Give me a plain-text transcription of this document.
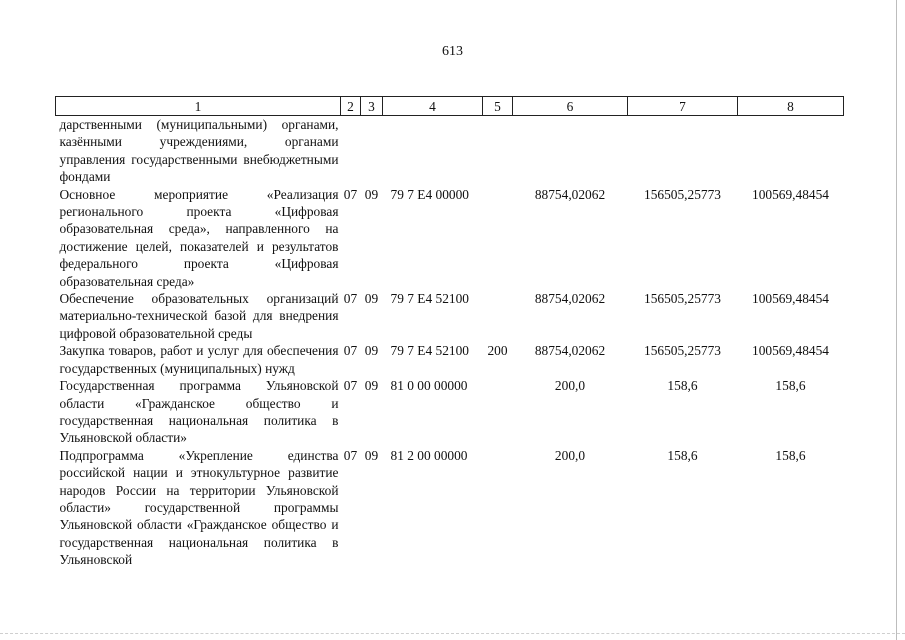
613
1	2	3	4	5	6	7	8
дарственными (муниципальными) органами, казёнными учреждениями, органами управления государственными внебюджетными фондами							
Основное мероприятие «Реализация регионального проекта «Цифровая образовательная среда», направленного на достижение целей, показателей и результатов федерального проекта «Цифровая образовательная среда»	07	09	79 7 Е4 00000		88754,02062	156505,25773	100569,48454
Обеспечение образовательных организаций материально-технической базой для внедрения цифровой образовательной среды	07	09	79 7 Е4 52100		88754,02062	156505,25773	100569,48454
Закупка товаров, работ и услуг для обеспечения государственных (муниципальных) нужд	07	09	79 7 Е4 52100	200	88754,02062	156505,25773	100569,48454
Государственная программа Ульяновской области «Гражданское общество и государственная национальная политика в Ульяновской области»	07	09	81 0 00 00000		200,0	158,6	158,6
Подпрограмма «Укрепление единства российской нации и этнокультурное развитие народов России на территории Ульяновской области» государственной программы Ульяновской области «Гражданское общество и государственная национальная политика в Ульяновской	07	09	81 2 00 00000		200,0	158,6	158,6
